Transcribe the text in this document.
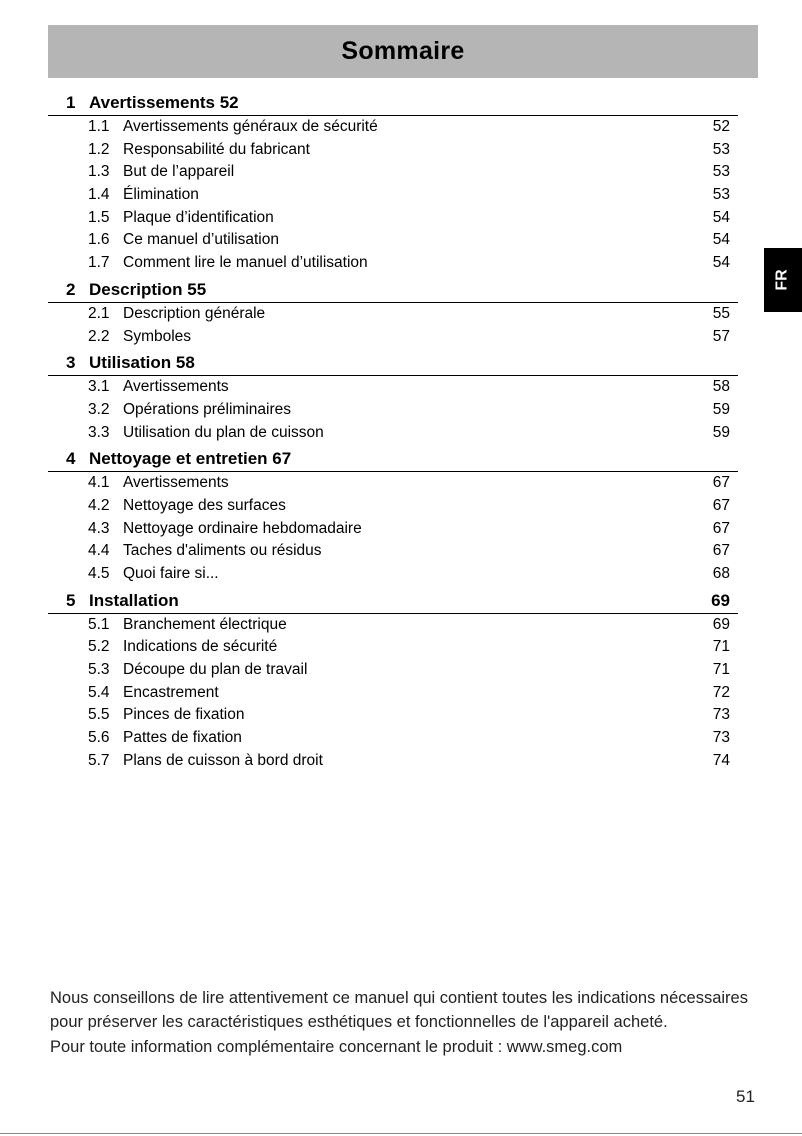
Sommaire
1 Avertissements 52
1.1 Avertissements généraux de sécurité	52
1.2 Responsabilité du fabricant	53
1.3 But de l’appareil	53
1.4 Élimination	53
1.5 Plaque d’identification	54
1.6 Ce manuel d’utilisation	54
1.7 Comment lire le manuel d’utilisation	54
2 Description 55
2.1 Description générale	55
2.2 Symboles	57
3 Utilisation 58
3.1 Avertissements	58
3.2 Opérations préliminaires	59
3.3 Utilisation du plan de cuisson	59
4 Nettoyage et entretien 67
4.1 Avertissements	67
4.2 Nettoyage des surfaces	67
4.3 Nettoyage ordinaire hebdomadaire	67
4.4 Taches d'aliments ou résidus	67
4.5 Quoi faire si...	68
5 Installation	69
5.1 Branchement électrique	69
5.2 Indications de sécurité	71
5.3 Découpe du plan de travail	71
5.4 Encastrement	72
5.5 Pinces de fixation	73
5.6 Pattes de fixation	73
5.7 Plans de cuisson à bord droit	74
FR

Nous conseillons de lire attentivement ce manuel qui contient toutes les indications nécessaires pour préserver les caractéristiques esthétiques et fonctionnelles de l'appareil acheté.

Pour toute information complémentaire concernant le produit : www.smeg.com

51
